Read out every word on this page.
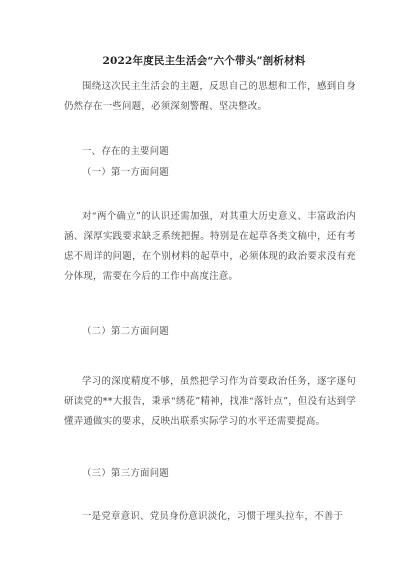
2022年度民主生活会“六个带头”剖析材料
围绕这次民主生活会的主题，反思自己的思想和工作，感到自身仍然存在一些问题，必须深刻警醒、坚决整改。
一、存在的主要问题
（一）第一方面问题
对“两个确立”的认识还需加强，对其重大历史意义、丰富政治内涵、深厚实践要求缺乏系统把握。特别是在起草各类文稿中，还有考虑不周详的问题，在个别材料的起草中，必须体现的政治要求没有充分体现，需要在今后的工作中高度注意。
（二）第二方面问题
学习的深度精度不够，虽然把学习作为首要政治任务，逐字逐句研读党的**大报告，秉承“绣花”精神，找准“落针点”，但没有达到学懂弄通做实的要求，反映出联系实际学习的水平还需要提高。
（三）第三方面问题
一是党章意识、党员身份意识淡化，习惯于埋头拉车，不善于
